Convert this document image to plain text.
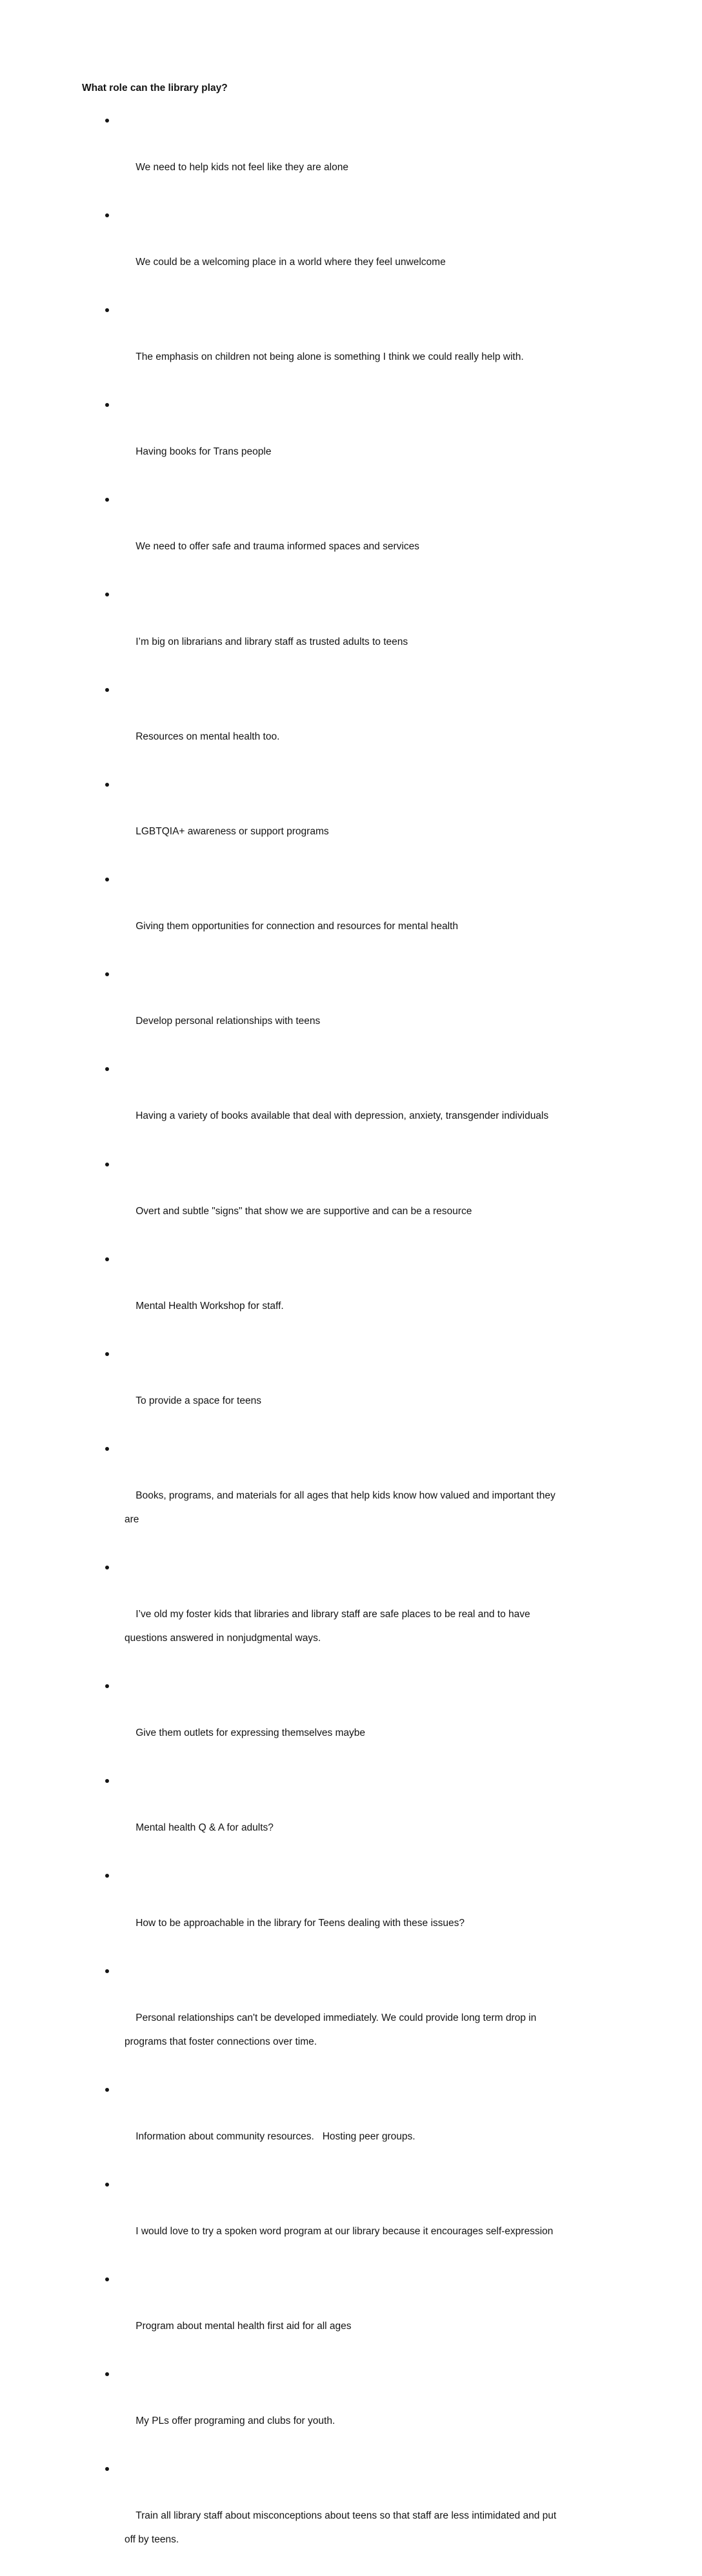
What role can the library play?

We need to help kids not feel like they are alone

We could be a welcoming place in a world where they feel unwelcome

The emphasis on children not being alone is something I think we could really help with.

Having books for Trans people

We need to offer safe and trauma informed spaces and services

I’m big on librarians and library staff as trusted adults to teens

Resources on mental health too.

LGBTQIA+ awareness or support programs

Giving them opportunities for connection and resources for mental health

Develop personal relationships with teens

Having a variety of books available that deal with depression, anxiety, transgender individuals

Overt and subtle "signs" that show we are supportive and can be a resource

Mental Health Workshop for staff.

To provide a space for teens

Books, programs, and materials for all ages that help kids know how valued and important they
are

I’ve old my foster kids that libraries and library staff are safe places to be real and to have
questions answered in nonjudgmental ways.

Give them outlets for expressing themselves maybe

Mental health Q & A for adults?

How to be approachable in the library for Teens dealing with these issues?

Personal relationships can't be developed immediately. We could provide long term drop in
programs that foster connections over time.

Information about community resources.   Hosting peer groups.

I would love to try a spoken word program at our library because it encourages self-expression

Program about mental health first aid for all ages

My PLs offer programing and clubs for youth.

Train all library staff about misconceptions about teens so that staff are less intimidated and put
off by teens.
